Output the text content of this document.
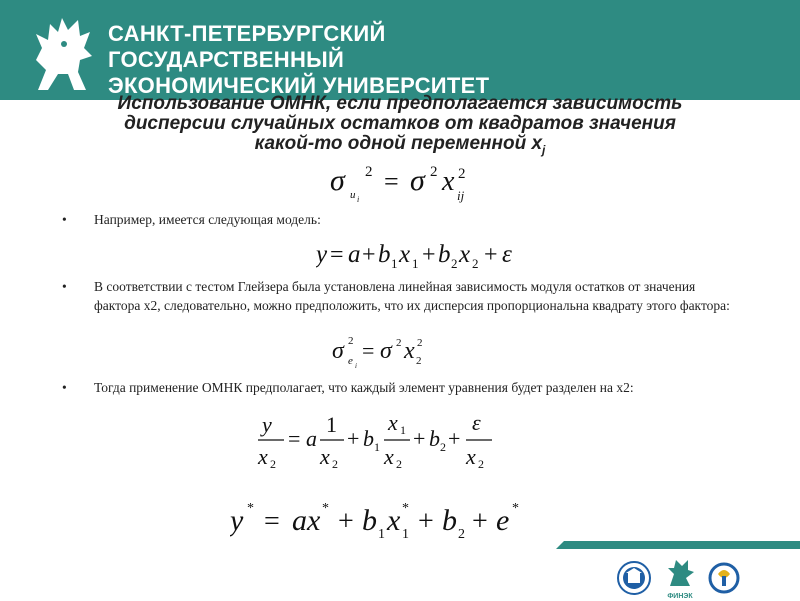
САНКТ-ПЕТЕРБУРГСКИЙ
ГОСУДАРСТВЕННЫЙ
ЭКОНОМИЧЕСКИЙ УНИВЕРСИТЕТ
Использование ОМНК, если предполагается зависимость
дисперсии случайных остатков от квадратов значения
какой-то одной переменной $x_j$
σ u i
2 = σ 2 x ij
2
• Например, имеется следующая модель:
y = a + b 1 x 1 + b 2 x 2 + ε
• В соответствии с тестом Глейзера была установлена линейная зависимость модуля остатков от значения фактора x2, следовательно, можно предположить, что их дисперсия пропорциональна квадрату этого фактора:
σ 2
e i
= σ 2 x 2
2
• Тогда применение ОМНК предполагает, что каждый элемент уравнения будет разделен на x2:
y
x 2
= a
1
x 2
+ b 1
x 1
x 2
+ b 2 +
ε
x 2
y * = ax * + b 1 x 1
* + b 2 + e *
ФИНЭК
